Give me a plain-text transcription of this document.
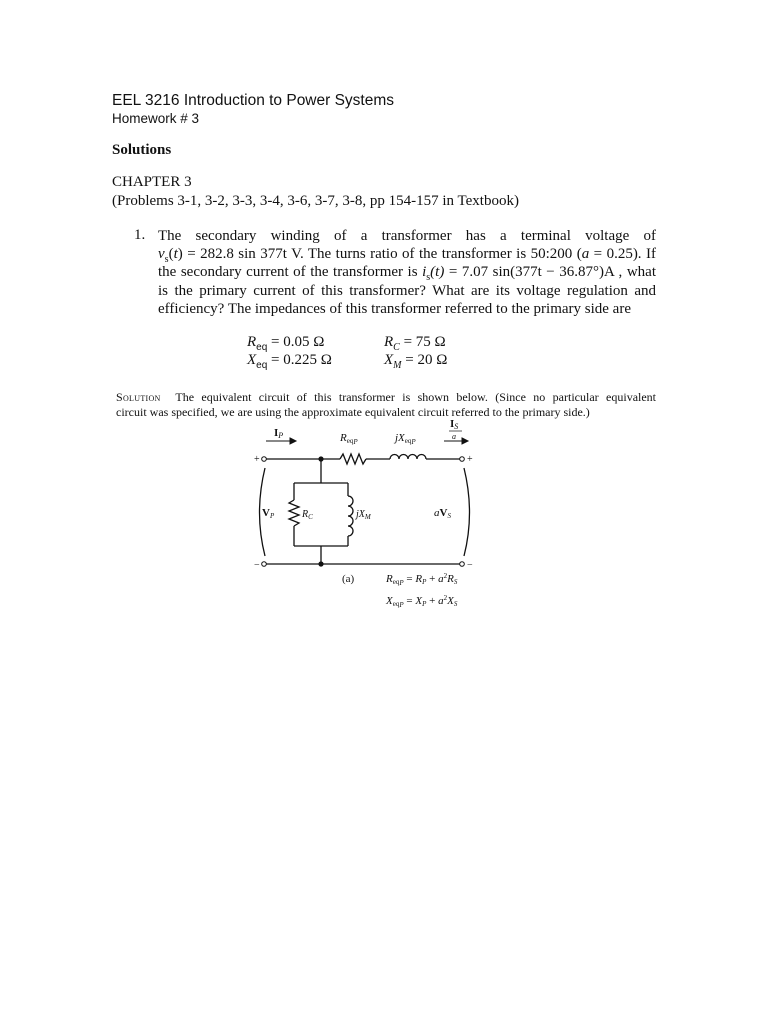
EEL 3216 Introduction to Power Systems
Homework # 3
Solutions
CHAPTER 3
(Problems 3-1, 3-2, 3-3, 3-4, 3-6, 3-7, 3-8, pp 154-157 in Textbook)
1. The secondary winding of a transformer has a terminal voltage of
$v_s(t) = 282.8$ sin 377t V. The turns ratio of the transformer is 50:200 (a = 0.25). If
the secondary current of the transformer is $i_s(t) = 7.07$ sin(377t − 36.87°)A , what
is the primary current of this transformer? What are its voltage regulation and
efficiency? The impedances of this transformer referred to the primary side are
$R_{eq} = 0.05$ Ω	$R_C = 75$ Ω
$X_{eq} = 0.225$ Ω	$X_M = 20$ Ω
Solution The equivalent circuit of this transformer is shown below. (Since no particular equivalent
circuit was specified, we are using the approximate equivalent circuit referred to the primary side.)
+	+
−	−
IP
IS
a
ReqP	jXeqP
$R_C$	$jX_M$
VP	aVS
(a)	ReqP = RP + $a^2RS$
XeqP = XP + $a^2XS$
